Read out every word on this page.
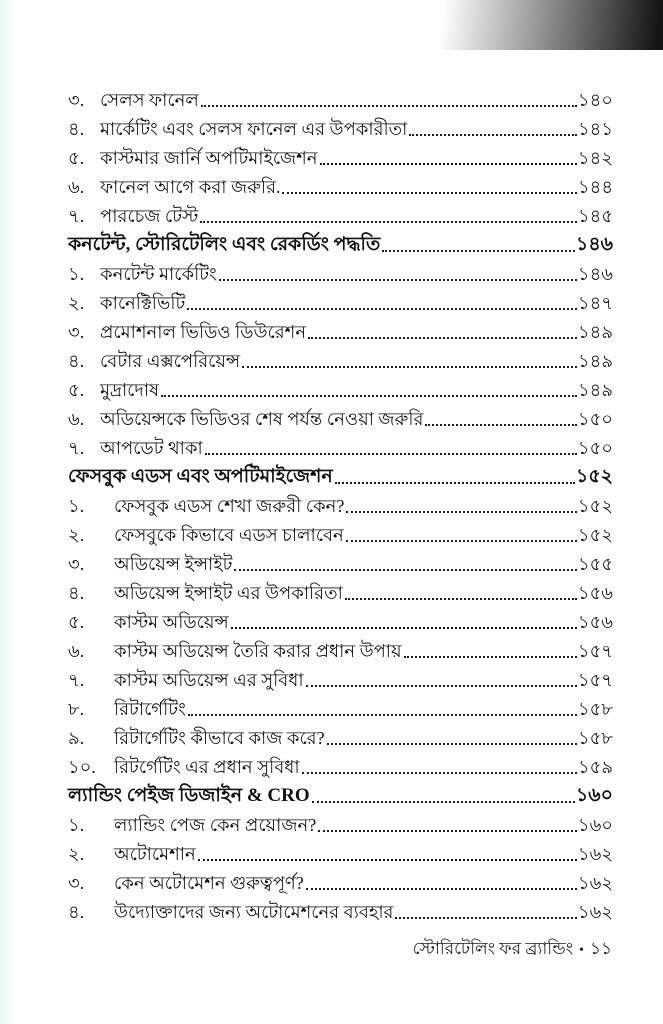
৩. সেলস ফানেল	১৪০
৪. মার্কেটিং এবং সেলস ফানেল এর উপকারীতা	১৪১
৫. কাস্টমার জার্নি অপটিমাইজেশন	১৪২
৬. ফানেল আগে করা জরুরি.	১৪৪
৭. পারচেজ টেস্ট	১৪৫
কনটেন্ট, স্টোরিটেলিং এবং রেকর্ডিং পদ্ধতি	১৪৬
১. কনটেন্ট মার্কেটিং	১৪৬
২. কানেক্টিভিটি	১৪৭
৩. প্রমোশনাল ভিডিও ডিউরেশন	১৪৯
৪. বেটার এক্সপেরিয়েন্স	১৪৯
৫. মুদ্রাদোষ	১৪৯
৬. অডিয়েন্সকে ভিডিওর শেষ পর্যন্ত নেওয়া জরুরি	১৫০
৭. আপডেট থাকা	১৫০
ফেসবুক এডস এবং অপটিমাইজেশন	১৫২
১.	ফেসবুক এডস শেখা জরুরী কেন?	১৫২
২.	ফেসবুকে কিভাবে এডস চালাবেন	১৫২
৩.	অডিয়েন্স ইন্সাইট	১৫৫
৪.	অডিয়েন্স ইন্সাইট এর উপকারিতা	১৫৬
৫.	কাস্টম অডিয়েন্স	১৫৬
৬.	কাস্টম অডিয়েন্স তৈরি করার প্রধান উপায়	১৫৭
৭.	কাস্টম অডিয়েন্স এর সুবিধা	১৫৭
৮.	রিটার্গেটিং	১৫৮
৯.	রিটার্গেটিং কীভাবে কাজ করে?	১৫৮
১০.	রিটর্গেটিং এর প্রধান সুবিধা	১৫৯
ল্যান্ডিং পেইজ ডিজাইন & CRO	১৬০
১.	ল্যান্ডিং পেজ কেন প্রয়োজন?	১৬০
২.	অটোমেশান	১৬২
৩.	কেন অটোমেশন গুরুত্বপূর্ণ?	১৬২
৪.	উদ্যোক্তাদের জন্য অটোমেশনের ব্যবহার	১৬২
স্টোরিটেলিং ফর ব্র্যান্ডিং • ১১
